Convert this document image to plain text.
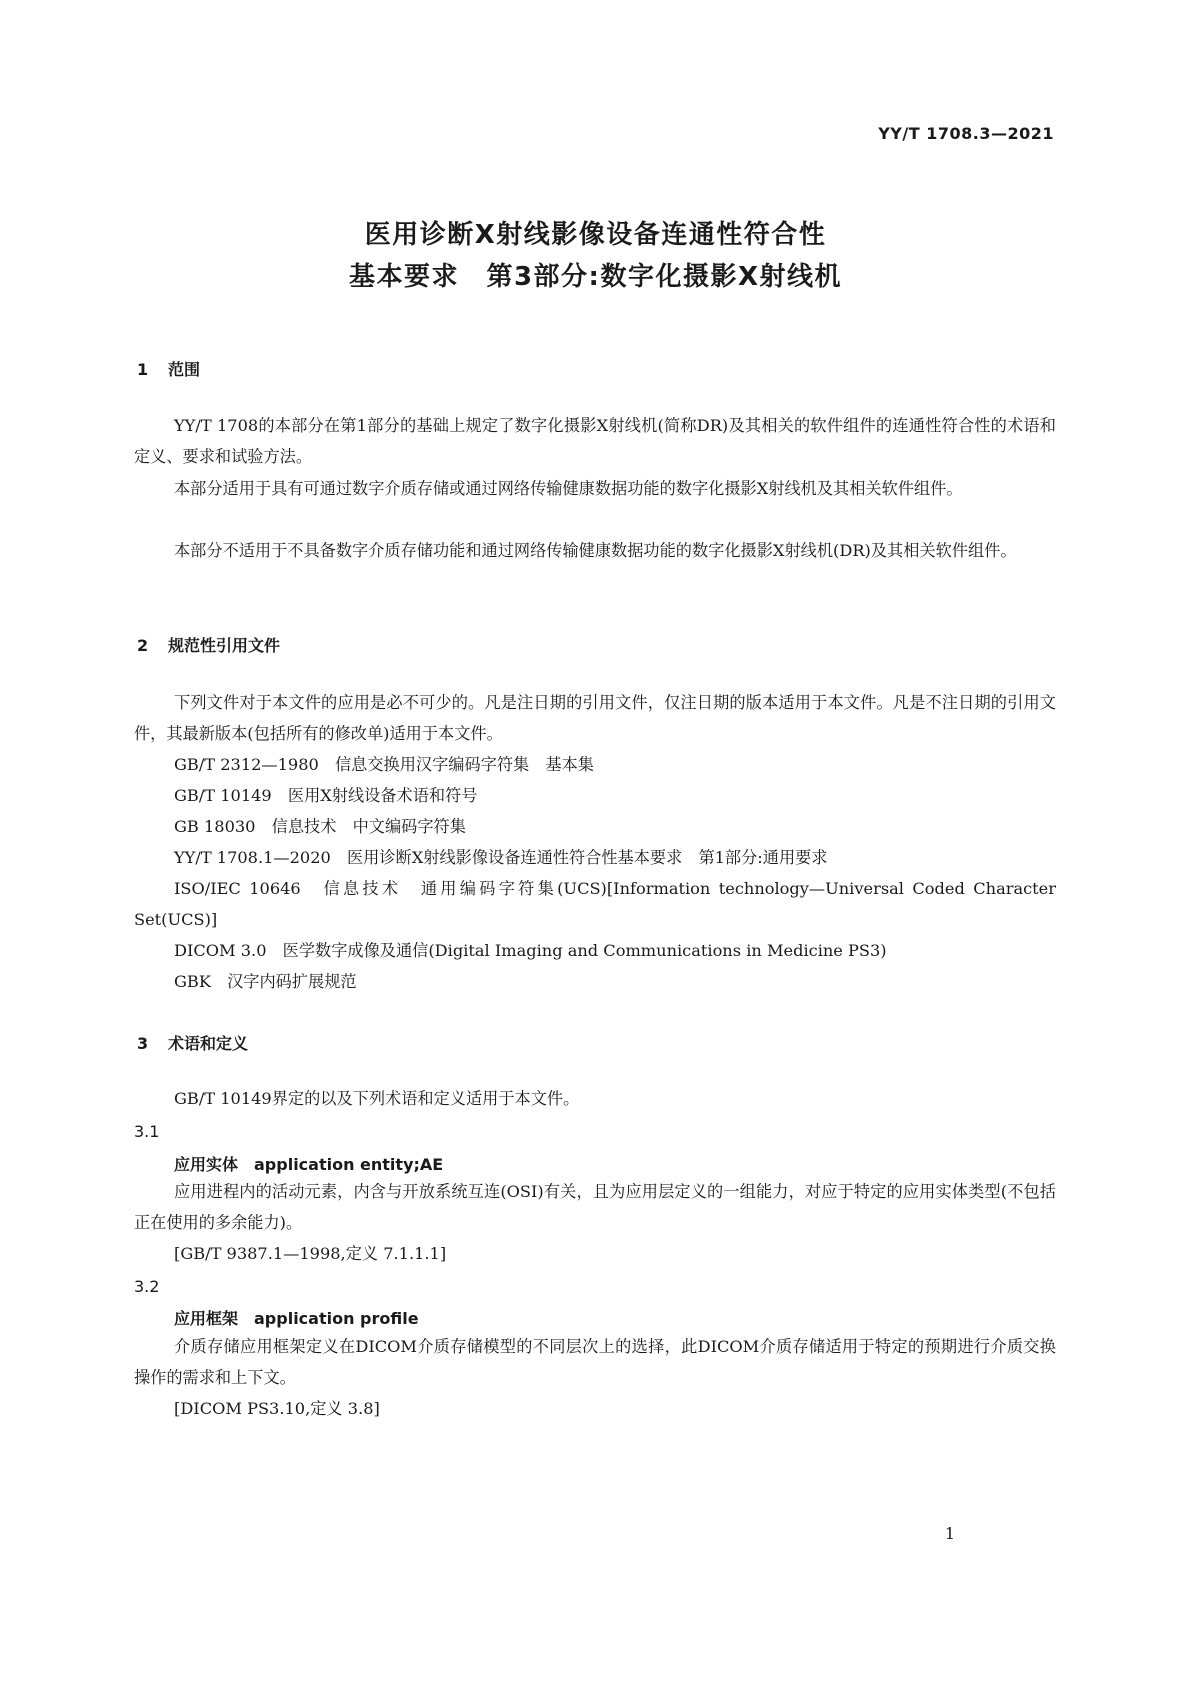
YY/T 1708.3—2021
医用诊断X射线影像设备连通性符合性
基本要求　第3部分:数字化摄影X射线机
1 范围
YY/T 1708的本部分在第1部分的基础上规定了数字化摄影X射线机(简称DR)及其相关的软件组件的连通性符合性的术语和定义、要求和试验方法。
本部分适用于具有可通过数字介质存储或通过网络传输健康数据功能的数字化摄影X射线机及其相关软件组件。
本部分不适用于不具备数字介质存储功能和通过网络传输健康数据功能的数字化摄影X射线机(DR)及其相关软件组件。
2 规范性引用文件
下列文件对于本文件的应用是必不可少的。凡是注日期的引用文件，仅注日期的版本适用于本文件。凡是不注日期的引用文件，其最新版本(包括所有的修改单)适用于本文件。
GB/T 2312—1980　信息交换用汉字编码字符集　基本集
GB/T 10149　医用X射线设备术语和符号
GB 18030　信息技术　中文编码字符集
YY/T 1708.1—2020　医用诊断X射线影像设备连通性符合性基本要求　第1部分:通用要求
ISO/IEC 10646　信息技术　通用编码字符集(UCS)[Information technology—Universal Coded Character Set(UCS)]
DICOM 3.0　医学数字成像及通信(Digital Imaging and Communications in Medicine PS3)
GBK　汉字内码扩展规范
3 术语和定义
GB/T 10149界定的以及下列术语和定义适用于本文件。
3.1
应用实体　application entity;AE
应用进程内的活动元素，内含与开放系统互连(OSI)有关，且为应用层定义的一组能力，对应于特定的应用实体类型(不包括正在使用的多余能力)。
[GB/T 9387.1—1998,定义 7.1.1.1]
3.2
应用框架　application profile
介质存储应用框架定义在DICOM介质存储模型的不同层次上的选择，此DICOM介质存储适用于特定的预期进行介质交换操作的需求和上下文。
[DICOM PS3.10,定义 3.8]
1
